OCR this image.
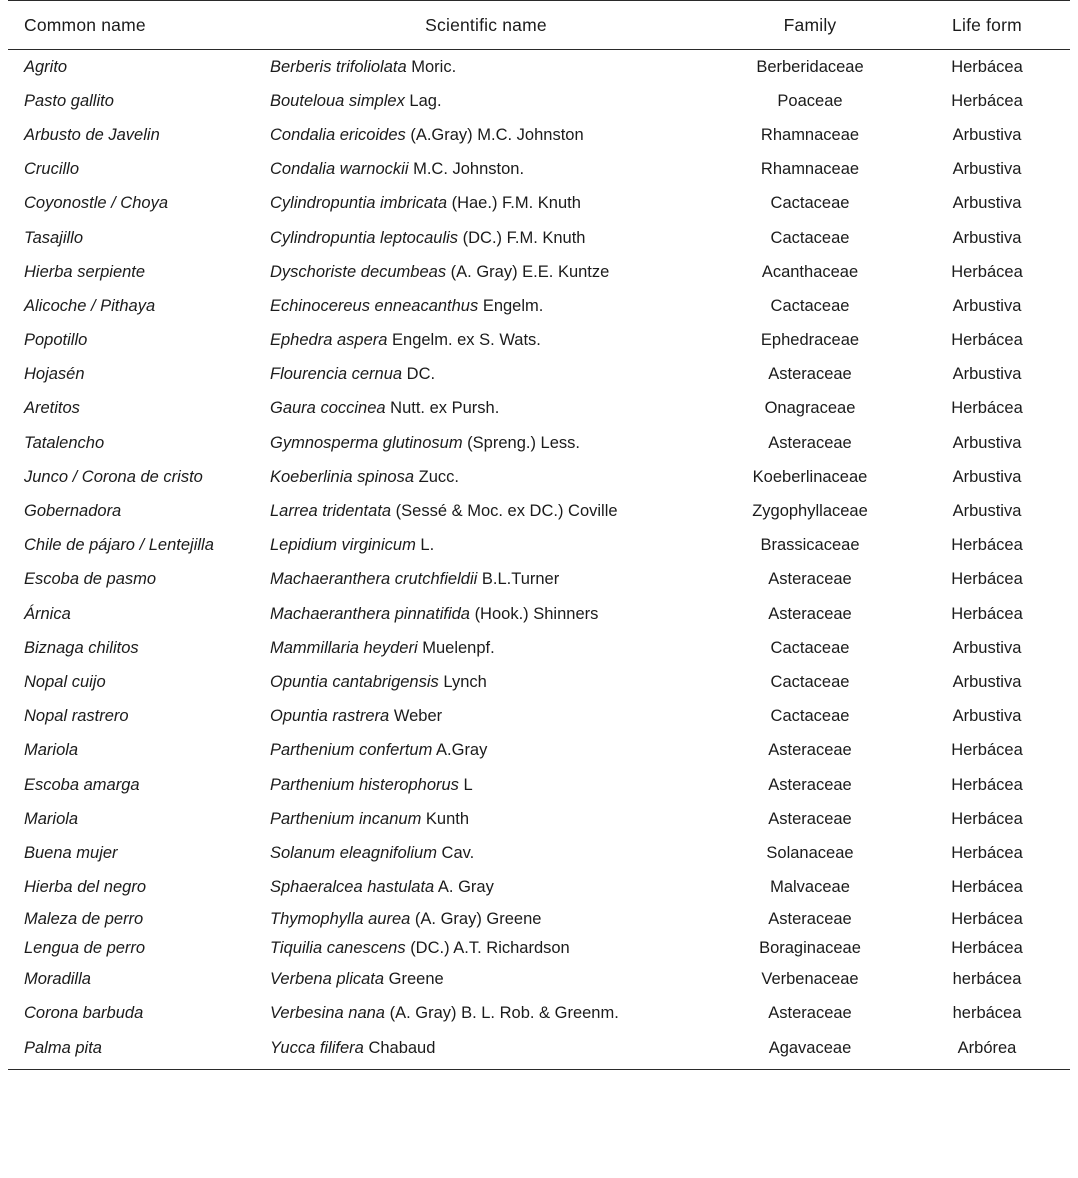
Common name	Scientific name	Family	Life form
Agrito	Berberis trifoliolata Moric.	Berberidaceae	Herbácea
Pasto gallito	Bouteloua simplex Lag.	Poaceae	Herbácea
Arbusto de Javelin	Condalia ericoides (A.Gray) M.C. Johnston	Rhamnaceae	Arbustiva
Crucillo	Condalia warnockii M.C. Johnston.	Rhamnaceae	Arbustiva
Coyonostle / Choya	Cylindropuntia imbricata (Hae.) F.M. Knuth	Cactaceae	Arbustiva
Tasajillo	Cylindropuntia leptocaulis (DC.) F.M. Knuth	Cactaceae	Arbustiva
Hierba serpiente	Dyschoriste decumbeas (A. Gray) E.E. Kuntze	Acanthaceae	Herbácea
Alicoche / Pithaya	Echinocereus enneacanthus Engelm.	Cactaceae	Arbustiva
Popotillo	Ephedra aspera Engelm. ex S. Wats.	Ephedraceae	Herbácea
Hojasén	Flourencia cernua DC.	Asteraceae	Arbustiva
Aretitos	Gaura coccinea Nutt. ex Pursh.	Onagraceae	Herbácea
Tatalencho	Gymnosperma glutinosum (Spreng.) Less.	Asteraceae	Arbustiva
Junco / Corona de cristo	Koeberlinia spinosa Zucc.	Koeberlinaceae	Arbustiva
Gobernadora	Larrea tridentata (Sessé & Moc. ex DC.) Coville	Zygophyllaceae	Arbustiva
Chile de pájaro / Lentejilla	Lepidium virginicum L.	Brassicaceae	Herbácea
Escoba de pasmo	Machaeranthera crutchfieldii B.L.Turner	Asteraceae	Herbácea
Árnica	Machaeranthera pinnatifida (Hook.) Shinners	Asteraceae	Herbácea
Biznaga chilitos	Mammillaria heyderi Muelenpf.	Cactaceae	Arbustiva
Nopal cuijo	Opuntia cantabrigensis Lynch	Cactaceae	Arbustiva
Nopal rastrero	Opuntia rastrera Weber	Cactaceae	Arbustiva
Mariola	Parthenium confertum A.Gray	Asteraceae	Herbácea
Escoba amarga	Parthenium histerophorus L	Asteraceae	Herbácea
Mariola	Parthenium incanum Kunth	Asteraceae	Herbácea
Buena mujer	Solanum eleagnifolium Cav.	Solanaceae	Herbácea
Hierba del negro	Sphaeralcea hastulata A. Gray	Malvaceae	Herbácea
Maleza de perro	Thymophylla aurea (A. Gray) Greene	Asteraceae	Herbácea
Lengua de perro	Tiquilia canescens (DC.) A.T. Richardson	Boraginaceae	Herbácea
Moradilla	Verbena plicata Greene	Verbenaceae	herbácea
Corona barbuda	Verbesina nana (A. Gray) B. L. Rob. & Greenm.	Asteraceae	herbácea
Palma pita	Yucca filifera Chabaud	Agavaceae	Arbórea
